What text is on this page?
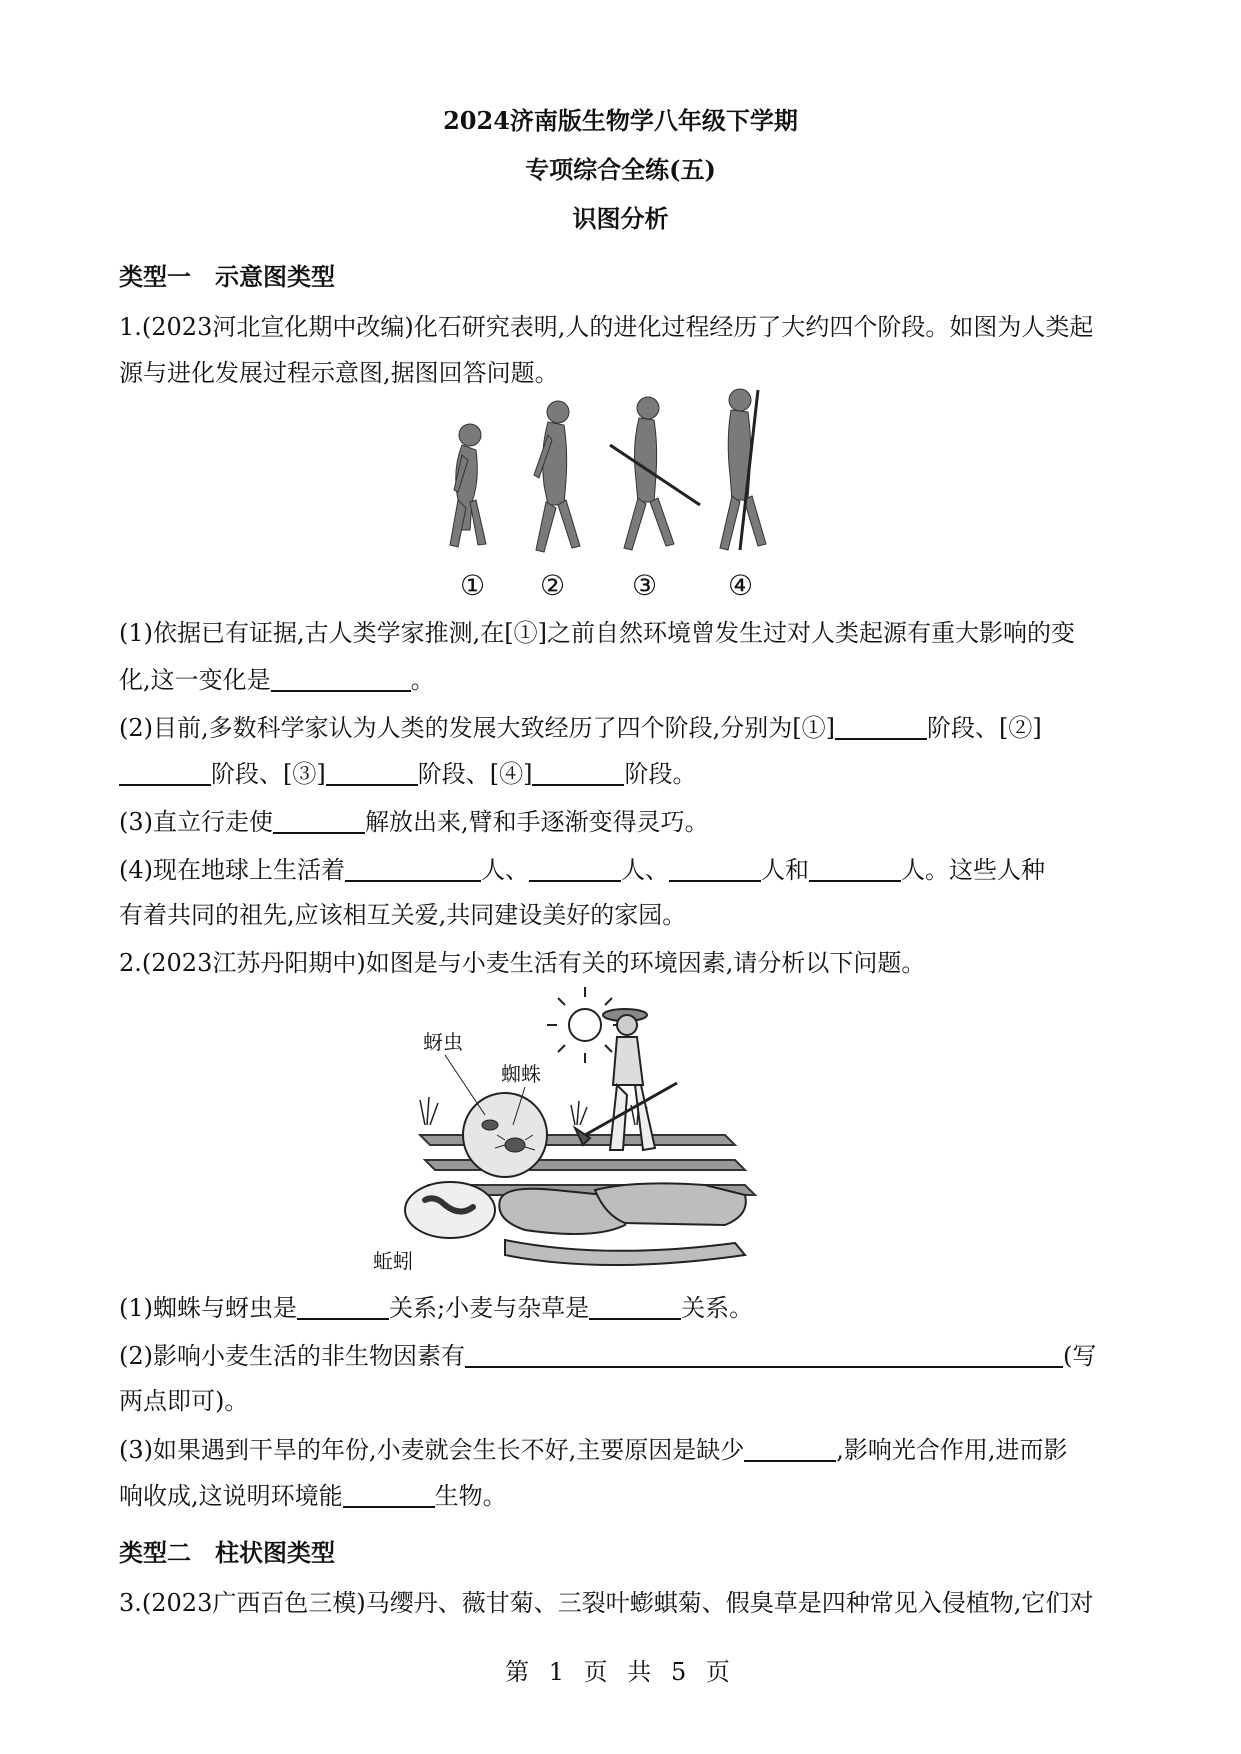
2024济南版生物学八年级下学期
专项综合全练(五)
识图分析
类型一　示意图类型
1.(2023河北宣化期中改编)化石研究表明,人的进化过程经历了大约四个阶段。如图为人类起
源与进化发展过程示意图,据图回答问题。
① ② ③	④
(1)依据已有证据,古人类学家推测,在[①]之前自然环境曾发生过对人类起源有重大影响的变
化,这一变化是	。
(2)目前,多数科学家认为人类的发展大致经历了四个阶段,分别为[①]	阶段、[②]
阶段、[③]	阶段、[④]	阶段。
(3)直立行走使	解放出来,臂和手逐渐变得灵巧。
(4)现在地球上生活着	人、	人、	人和	人。这些人种
有着共同的祖先,应该相互关爱,共同建设美好的家园。
2.(2023江苏丹阳期中)如图是与小麦生活有关的环境因素,请分析以下问题。
蚜虫
蜘蛛
蚯蚓
(1)蜘蛛与蚜虫是	关系;小麦与杂草是	关系。
(2)影响小麦生活的非生物因素有	(写
两点即可)。
(3)如果遇到干旱的年份,小麦就会生长不好,主要原因是缺少	,影响光合作用,进而影
响收成,这说明环境能	生物。
类型二　柱状图类型
3.(2023广西百色三模)马缨丹、薇甘菊、三裂叶蟛蜞菊、假臭草是四种常见入侵植物,它们对
第 1 页 共 5 页
